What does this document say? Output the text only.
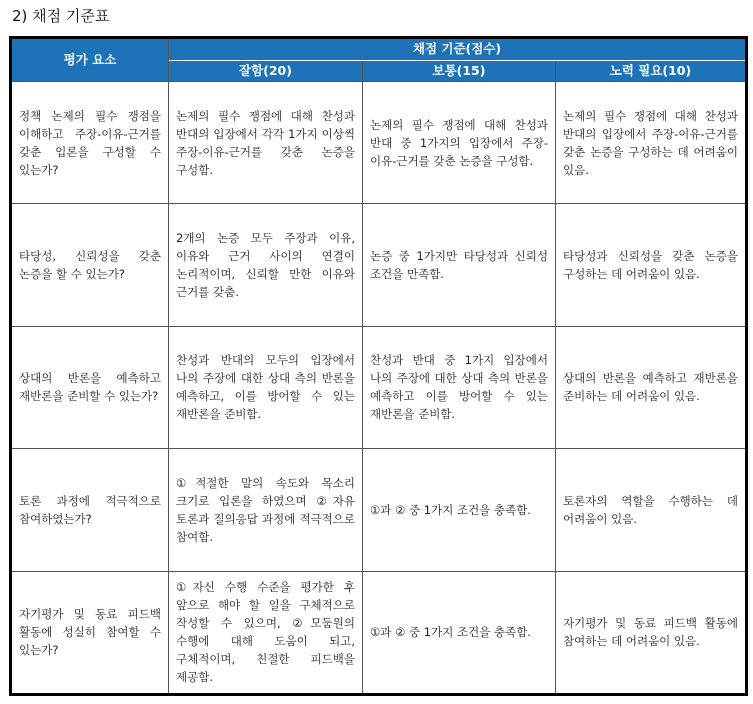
2) 채점 기준표
평가 요소	채점 기준(점수)		
	잘함(20)	보통(15)	노력 필요(10)
정책 논제의 필수 쟁점을 이해하고 주장-이유-근거를 갖춘 입론을 구성할 수 있는가?	논제의 필수 쟁점에 대해 찬성과 반대의 입장에서 각각 1가지 이상씩 주장-이유-근거를 갖춘 논증을 구성함.	논제의 필수 쟁점에 대해 찬성과 반대 중 1가지의 입장에서 주장-이유-근거를 갖춘 논증을 구성함.	논제의 필수 쟁점에 대해 찬성과 반대의 입장에서 주장-이유-근거를 갖춘 논증을 구성하는 데 어려움이 있음.
타당성, 신뢰성을 갖춘 논증을 할 수 있는가?	2개의 논증 모두 주장과 이유, 이유와 근거 사이의 연결이 논리적이며, 신뢰할 만한 이유와 근거를 갖춤.	논증 중 1가지만 타당성과 신뢰성 조건을 만족함.	타당성과 신뢰성을 갖춘 논증을 구성하는 데 어려움이 있음.
상대의 반론을 예측하고 재반론을 준비할 수 있는가?	찬성과 반대의 모두의 입장에서 나의 주장에 대한 상대 측의 반론을 예측하고, 이를 방어할 수 있는 재반론을 준비함.	찬성과 반대 중 1가지 입장에서 나의 주장에 대한 상대 측의 반론을 예측하고 이를 방어할 수 있는 재반론을 준비함.	상대의 반론을 예측하고 재반론을 준비하는 데 어려움이 있음.
토론 과정에 적극적으로 참여하였는가?	①적절한 말의 속도와 목소리 크기로 입론을 하였으며 ②자유 토론과 질의응답 과정에 적극적으로 참여함.	①과 ② 중 1가지 조건을 충족함.	토론자의 역할을 수행하는 데 어려움이 있음.
자기평가 및 동료 피드백 활동에 성실히 참여할 수 있는가?	①자신 수행 수준을 평가한 후 앞으로 해야 할 일을 구체적으로 작성할 수 있으며, ②모둠원의 수행에 대해 도움이 되고, 구체적이며, 친절한 피드백을 제공함.	①과 ② 중 1가지 조건을 충족함.	자기평가 및 동료 피드백 활동에 참여하는 데 어려움이 있음.
